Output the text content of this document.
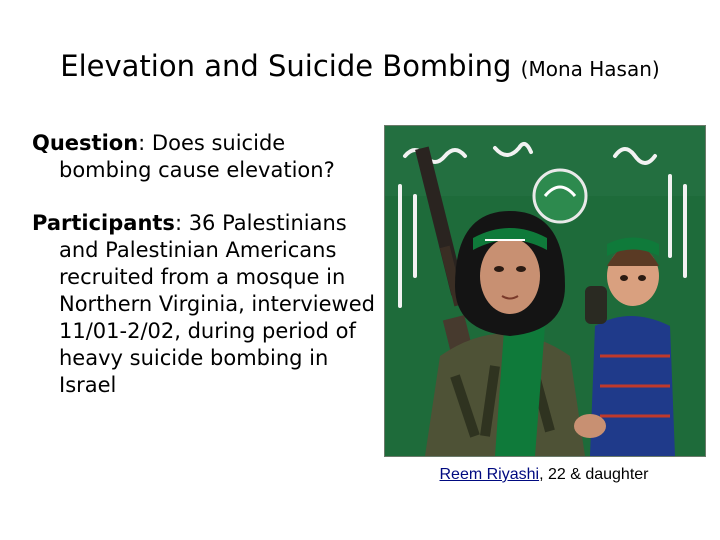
Elevation and Suicide Bombing (Mona Hasan)
Question: Does suicide
bombing cause elevation?
Participants: 36 Palestinians
and Palestinian Americans recruited from a mosque in Northern Virginia, interviewed 11/01-2/02, during period of heavy suicide bombing in Israel
Reem Riyashi, 22 & daughter
